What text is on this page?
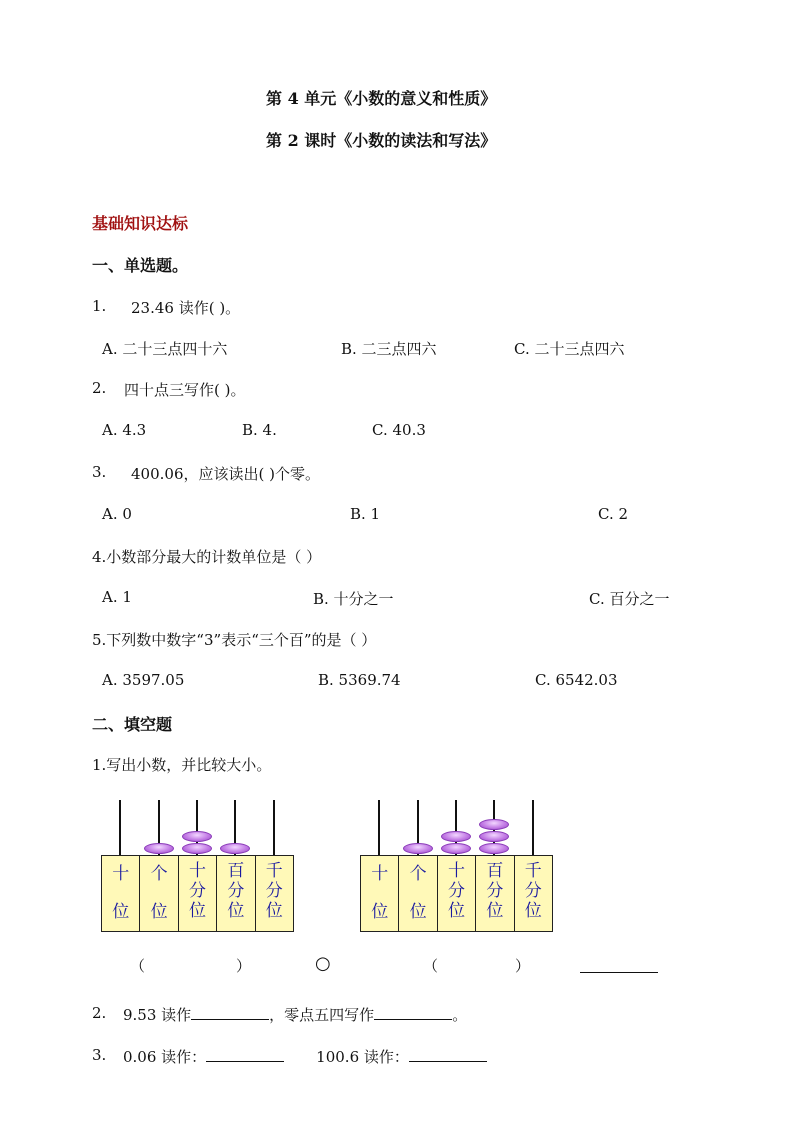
第 4 单元《小数的意义和性质》
第 2 课时《小数的读法和写法》
基础知识达标
一、单选题。
1. 23.46 读作( )。
A. 二十三点四十六	B. 二三点四六	C. 二十三点四六
2. 四十点三写作( )。
A. 4.3	B. 4.	C. 40.3
3. 400.06，应该读出( )个零。
A. 0	B. 1	C. 2
4.小数部分最大的计数单位是（ ）
A. 1	B. 十分之一	C. 百分之一
5.下列数中数字“3”表示“三个百”的是（ ）
A. 3597.05	B. 5369.74	C. 6542.03
二、填空题
1.写出小数，并比较大小。
十
位
个
位
十
分
位
百
分
位
千
分
位
十
位
个
位
十
分
位
百
分
位
千
分
位
（	）	○	（	）
2. 9.53 读作	，零点五四写作	。
3. 0.06 读作：	100.6 读作：
